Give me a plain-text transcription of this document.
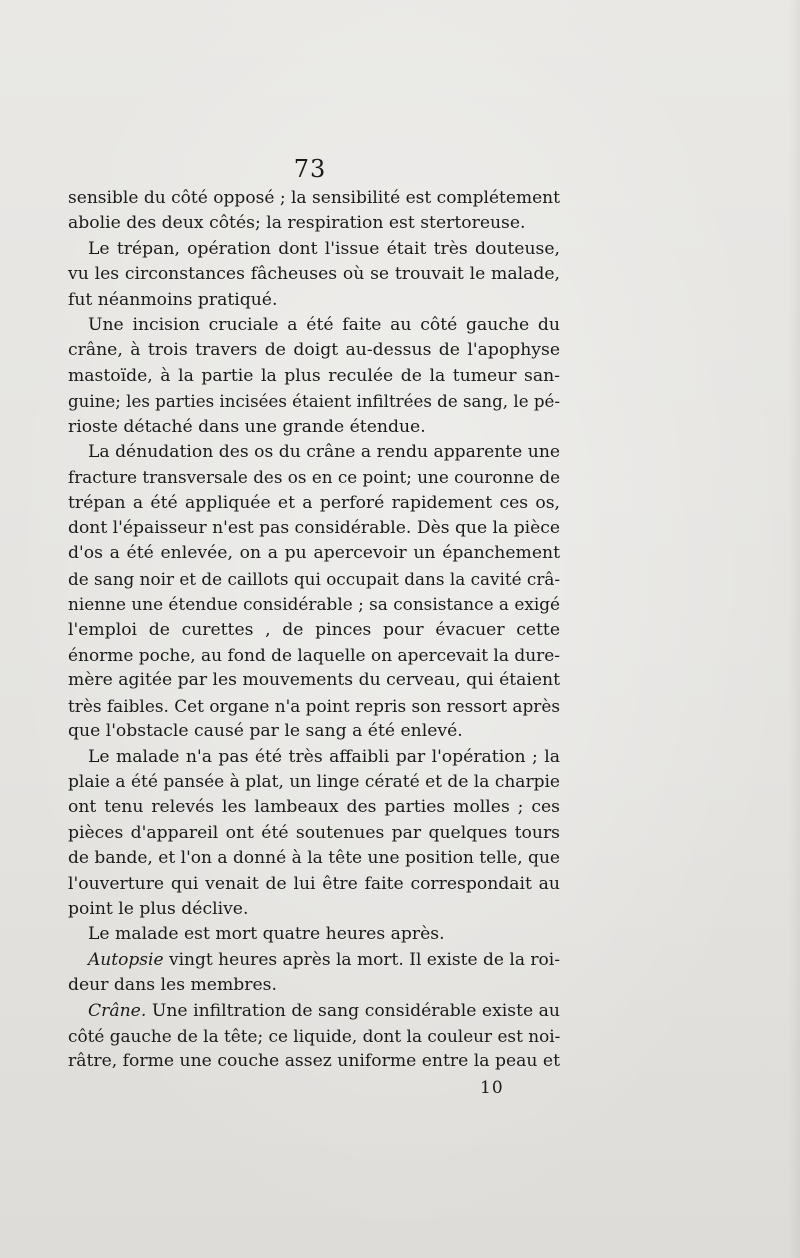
73
sensible du côté opposé ; la sensibilité est complétement
abolie des deux côtés; la respiration est stertoreuse.
Le trépan, opération dont l'issue était très douteuse,
vu les circonstances fâcheuses où se trouvait le malade,
fut néanmoins pratiqué.
Une incision cruciale a été faite au côté gauche du
crâne, à trois travers de doigt au-dessus de l'apophyse
mastoïde, à la partie la plus reculée de la tumeur san-
guine; les parties incisées étaient infiltrées de sang, le pé-
rioste détaché dans une grande étendue.
La dénudation des os du crâne a rendu apparente une
fracture transversale des os en ce point; une couronne de
trépan a été appliquée et a perforé rapidement ces os,
dont l'épaisseur n'est pas considérable. Dès que la pièce
d'os a été enlevée, on a pu apercevoir un épanchement
de sang noir et de caillots qui occupait dans la cavité crâ-
nienne une étendue considérable ; sa consistance a exigé
l'emploi de curettes , de pinces pour évacuer cette
énorme poche, au fond de laquelle on apercevait la dure-
mère agitée par les mouvements du cerveau, qui étaient
très faibles. Cet organe n'a point repris son ressort après
que l'obstacle causé par le sang a été enlevé.
Le malade n'a pas été très affaibli par l'opération ; la
plaie a été pansée à plat, un linge cératé et de la charpie
ont tenu relevés les lambeaux des parties molles ; ces
pièces d'appareil ont été soutenues par quelques tours
de bande, et l'on a donné à la tête une position telle, que
l'ouverture qui venait de lui être faite correspondait au
point le plus déclive.
Le malade est mort quatre heures après.
Autopsie vingt heures après la mort. Il existe de la roi-
deur dans les membres.
Crâne. Une infiltration de sang considérable existe au
côté gauche de la tête; ce liquide, dont la couleur est noi-
râtre, forme une couche assez uniforme entre la peau et
10
